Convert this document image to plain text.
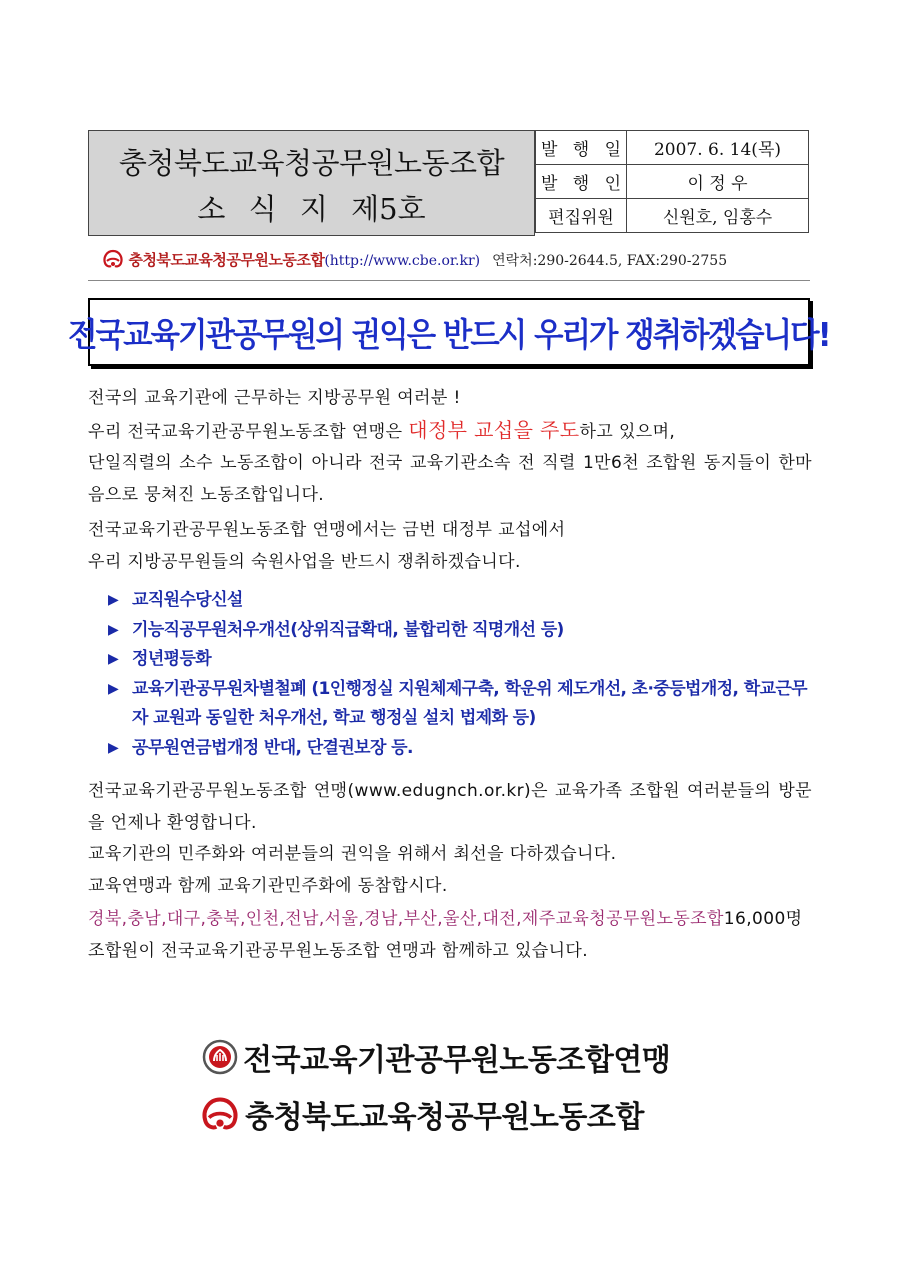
충청북도교육청공무원노동조합
소 식 지 제5호
발 행 일	2007. 6. 14(목)
발 행 인	이 정 우
편집위원	신원호, 임홍수
충청북도교육청공무원노동조합(http://www.cbe.or.kr) 연락처:290-2644.5, FAX:290-2755
전국교육기관공무원의 권익은 반드시 우리가 쟁취하겠습니다!
전국의 교육기관에 근무하는 지방공무원 여러분 !
우리 전국교육기관공무원노동조합 연맹은 대정부 교섭을 주도하고 있으며,
단일직렬의 소수 노동조합이 아니라 전국 교육기관소속 전 직렬 1만6천 조합원 동지들이 한마음으로 뭉쳐진 노동조합입니다.
전국교육기관공무원노동조합 연맹에서는 금번 대정부 교섭에서
우리 지방공무원들의 숙원사업을 반드시 쟁취하겠습니다.
▶ 교직원수당신설
▶ 기능직공무원처우개선(상위직급확대, 불합리한 직명개선 등)
▶ 정년평등화
▶ 교육기관공무원차별철폐 (1인행정실 지원체제구축, 학운위 제도개선, 초·중등법개정, 학교근무자 교원과 동일한 처우개선, 학교 행정실 설치 법제화 등)
▶ 공무원연금법개정 반대, 단결권보장 등.
전국교육기관공무원노동조합 연맹(www.edugnch.or.kr)은 교육가족 조합원 여러분들의 방문을 언제나 환영합니다.
교육기관의 민주화와 여러분들의 권익을 위해서 최선을 다하겠습니다.
교육연맹과 함께 교육기관민주화에 동참합시다.
경북,충남,대구,충북,인천,전남,서울,경남,부산,울산,대전,제주교육청공무원노동조합16,000명 조합원이 전국교육기관공무원노동조합 연맹과 함께하고 있습니다.
전국교육기관공무원노동조합연맹
충청북도교육청공무원노동조합
